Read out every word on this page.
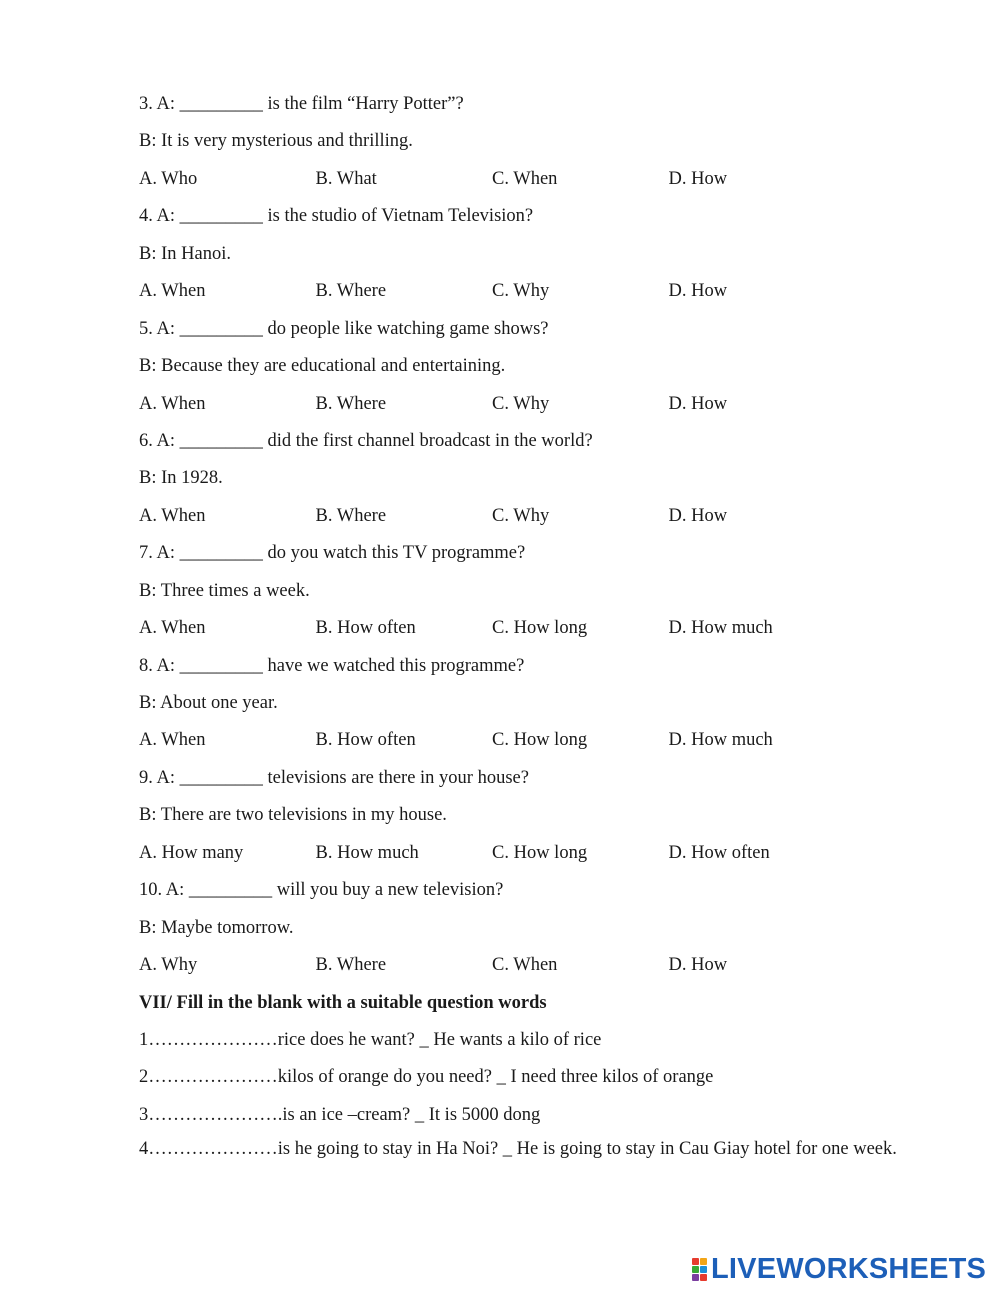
3. A: _________ is the film “Harry Potter”?
B: It is very mysterious and thrilling.
A. Who	B. What	C. When	D. How
4. A: _________ is the studio of Vietnam Television?
B: In Hanoi.
A. When	B. Where	C. Why	D. How
5. A: _________ do people like watching game shows?
B: Because they are educational and entertaining.
A. When	B. Where	C. Why	D. How
6. A: _________ did the first channel broadcast in the world?
B: In 1928.
A. When	B. Where	C. Why	D. How
7. A: _________ do you watch this TV programme?
B: Three times a week.
A. When	B. How often	C. How long	D. How much
8. A: _________ have we watched this programme?
B: About one year.
A. When	B. How often	C. How long	D. How much
9. A: _________ televisions are there in your house?
B: There are two televisions in my house.
A. How many	B. How much	C. How long	D. How often
10. A: _________ will you buy a new television?
B: Maybe tomorrow.
A. Why	B. Where	C. When	D. How
VII/ Fill in the blank with a suitable question words
1…………………rice does he want? _ He wants a kilo of rice
2…………………kilos of orange do you need? _ I need three kilos of orange
3………………….is an ice –cream? _ It is 5000 dong
4…………………is he going to stay in Ha Noi? _ He is going to stay in Cau Giay hotel for one week.
LIVEWORKSHEETS
